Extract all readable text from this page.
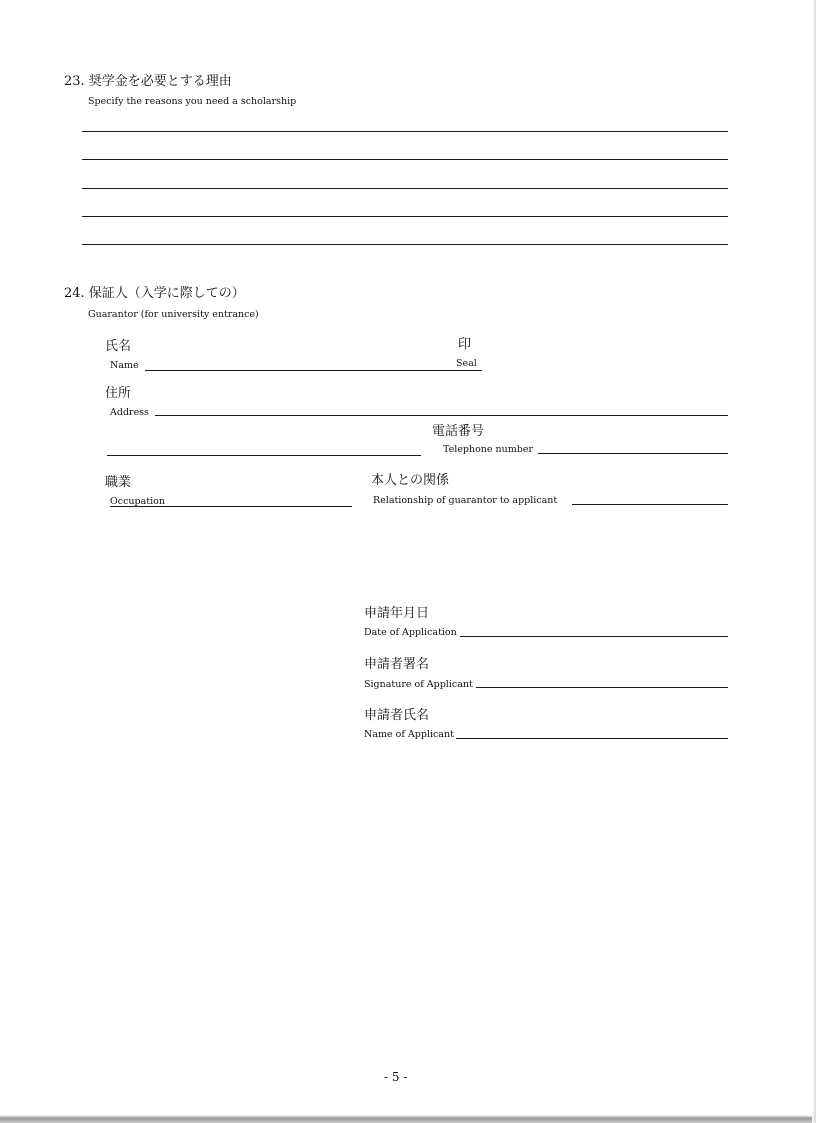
23. 奨学金を必要とする理由
Specify the reasons you need a scholarship
24. 保証人（入学に際しての）
Guarantor (for university entrance)
氏名
Name
印
Seal
住所
Address
電話番号
Telephone number
職業
Occupation
本人との関係
Relationship of guarantor to applicant
申請年月日
Date of Application
申請者署名
Signature of Applicant
申請者氏名
Name of Applicant
- 5 -
